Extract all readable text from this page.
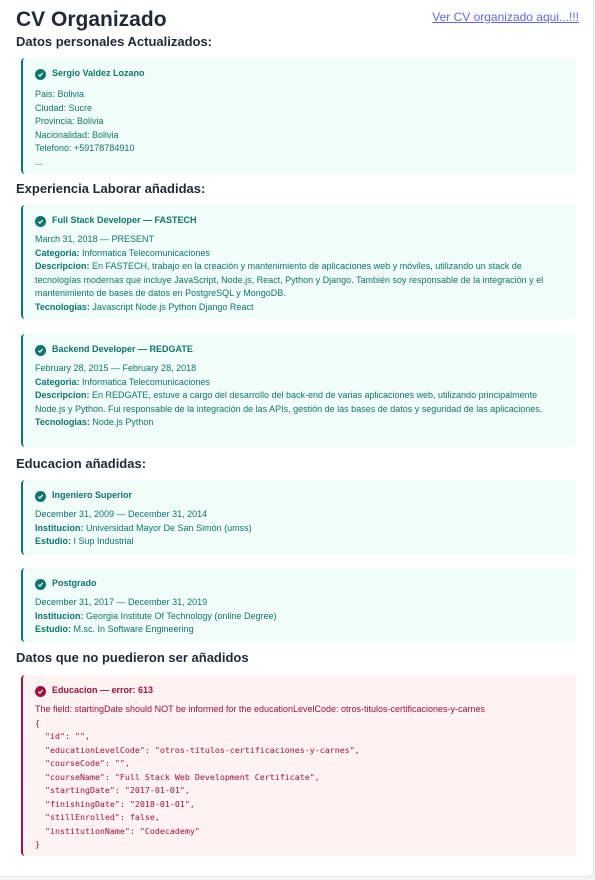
CV Organizado	Ver CV organizado aqui...!!!
Datos personales Actualizados:
Sergio Valdez Lozano
Pais: Bolivia
Ciudad: Sucre
Provincia: Bolivia
Nacionalidad: Bolivia
Telefono: +59178784910
...
Experiencia Laborar añadidas:
Full Stack Developer — FASTECH
March 31, 2018 — PRESENT
Categoria: Informatica Telecomunicaciones
Descripcion: En FASTECH, trabajo en la creación y mantenimiento de aplicaciones web y móviles, utilizando un stack de tecnologías modernas que incluye JavaScript, Node.js, React, Python y Django. También soy responsable de la integración y el mantenimiento de bases de datos en PostgreSQL y MongoDB.
Tecnologias: Javascript Node.js Python Django React
Backend Developer — REDGATE
February 28, 2015 — February 28, 2018
Categoria: Informatica Telecomunicaciones
Descripcion: En REDGATE, estuve a cargo del desarrollo del back-end de varias aplicaciones web, utilizando principalmente Node.js y Python. Fui responsable de la integración de las APIs, gestión de las bases de datos y seguridad de las aplicaciones.
Tecnologias: Node.js Python
Educacion añadidas:
Ingeniero Superior
December 31, 2009 — December 31, 2014
Institucion: Universidad Mayor De San Simón (umss)
Estudio: I Sup Industrial
Postgrado
December 31, 2017 — December 31, 2019
Institucion: Georgia Institute Of Technology (online Degree)
Estudio: M.sc. In Software Engineering
Datos que no puedieron ser añadidos
Educacion — error: 613
The field: startingDate should NOT be informed for the educationLevelCode: otros-titulos-certificaciones-y-carnes
{
"id": "",
"educationLevelCode": "otros-titulos-certificaciones-y-carnes",
"courseCode": "",
"courseName": "Full Stack Web Development Certificate",
"startingDate": "2017-01-01",
"finishingDate": "2018-01-01",
"stillEnrolled": false,
"institutionName": "Codecademy"
}
